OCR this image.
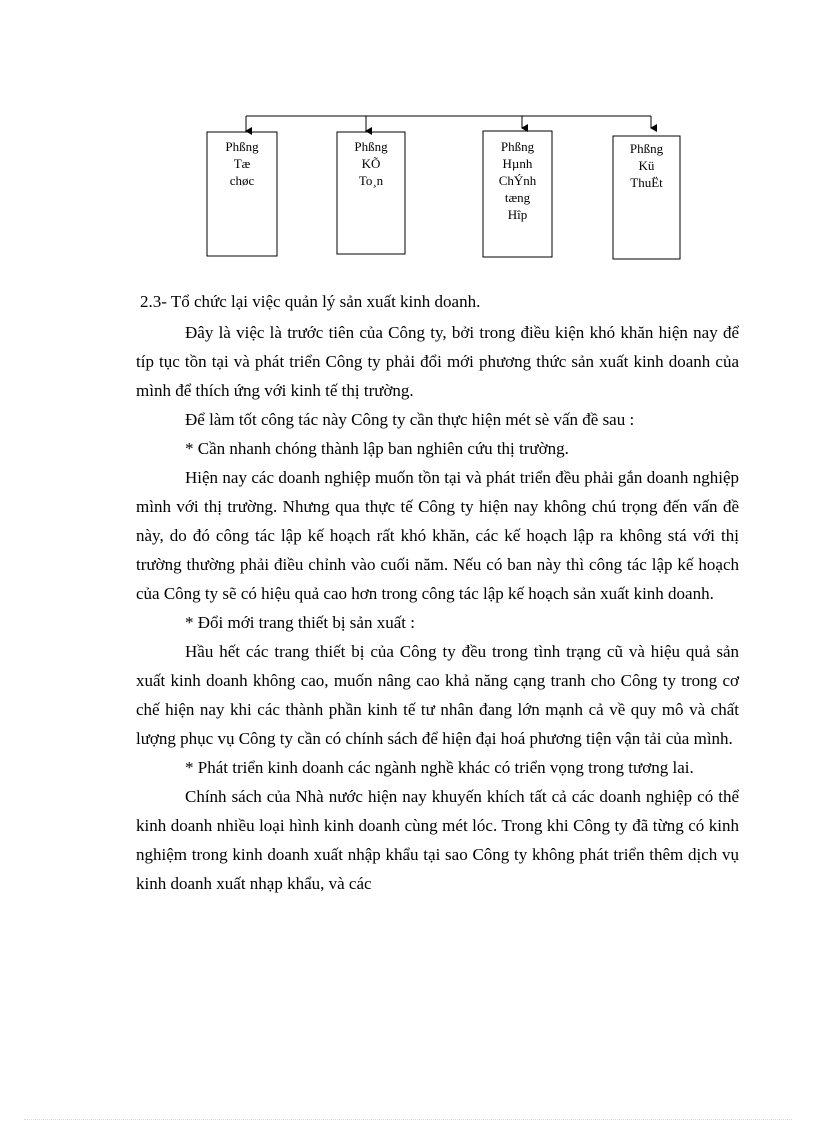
Phßng
Tæ
chøc
Phßng
KÕ
To¸n
Phßng
Hµnh
ChÝnh
tæng
Hîp
Phßng
Kü
ThuËt

2.3- Tổ chức lại việc quản lý sản xuất kinh doanh.

Đây là việc là trước tiên của Công ty, bởi trong điều kiện khó khăn hiện nay để típ tục tồn tại và phát triển Công ty phải đổi mới phương thức sản xuất kinh doanh của mình để thích ứng với kinh tế thị trường.

Để làm tốt công tác này Công ty cần thực hiện mét sè vấn đề sau :

* Cần nhanh chóng thành lập ban nghiên cứu thị trường.

Hiện nay các doanh nghiệp muốn tồn tại và phát triển đều phải gắn doanh nghiệp mình với thị trường. Nhưng qua thực tế Công ty hiện nay không chú trọng đến vấn đề này, do đó công tác lập kế hoạch rất khó khăn, các kế hoạch lập ra không stá với thị trường thường phải điều chỉnh vào cuối năm. Nếu có ban này thì công tác lập kế hoạch của Công ty sẽ có hiệu quả cao hơn trong công tác lập kế hoạch sản xuất kinh doanh.

* Đổi mới trang thiết bị sản xuất :

Hầu hết các trang thiết bị của Công ty đều trong tình trạng cũ và hiệu quả sản xuất kinh doanh không cao, muốn nâng cao khả năng cạng tranh cho Công ty trong cơ chế hiện nay khi các thành phần kinh tế tư nhân đang lớn mạnh cả về quy mô và chất lượng phục vụ Công ty cần có chính sách để hiện đại hoá phương tiện vận tải của mình.

* Phát triển kinh doanh các ngành nghề khác có triển vọng trong tương lai.

Chính sách của Nhà nước hiện nay khuyến khích tất cả các doanh nghiệp có thể kinh doanh nhiều loại hình kinh doanh cùng mét lóc. Trong khi Công ty đã từng có kinh nghiệm trong kinh doanh xuất nhập khẩu tại sao Công ty không phát triển thêm dịch vụ kinh doanh xuất nhạp khẩu, và các
